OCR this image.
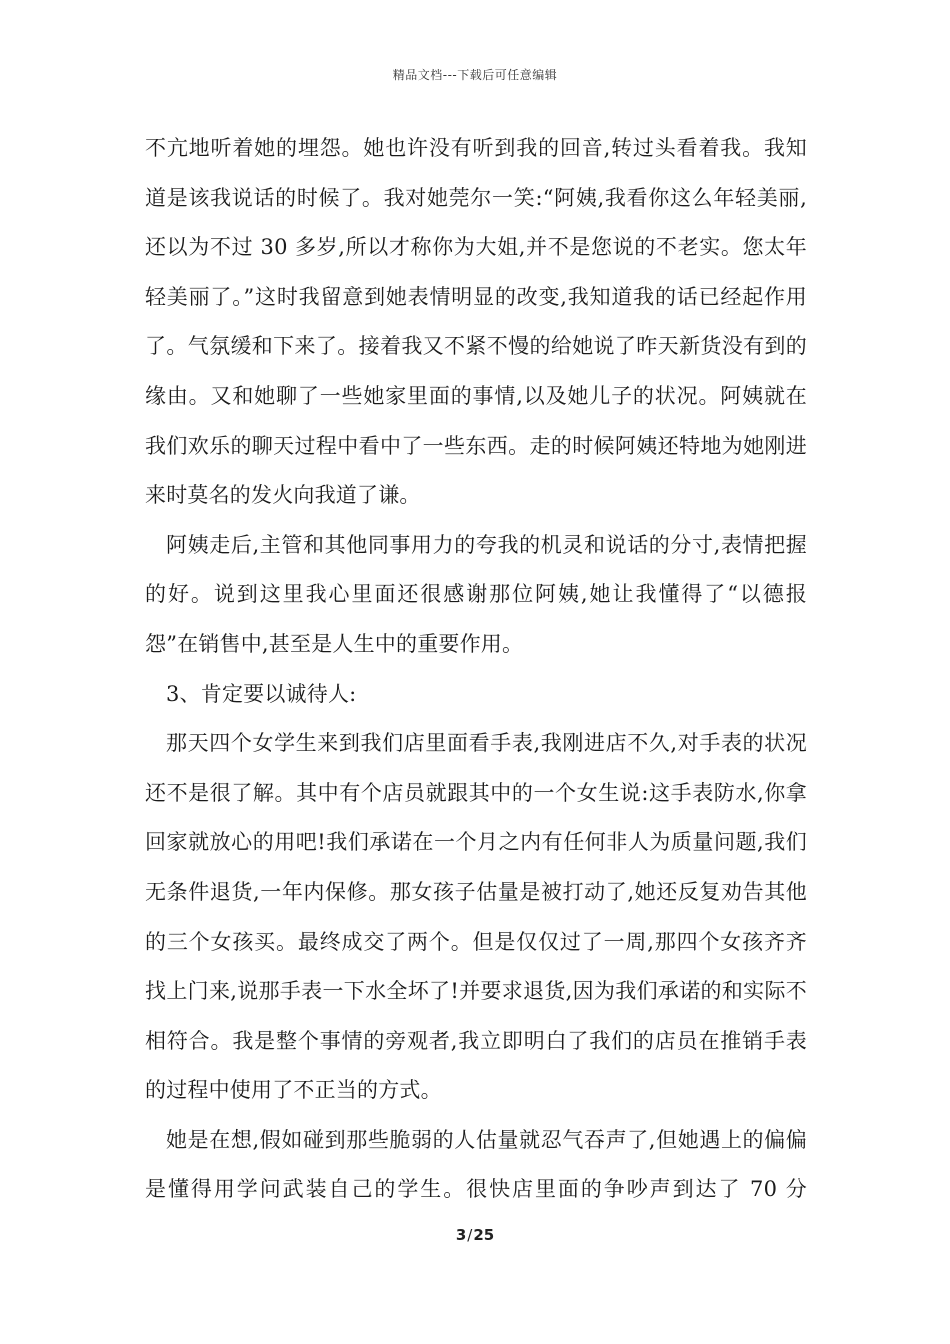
精品文档---下载后可任意编辑

不亢地听着她的埋怨。她也许没有听到我的回音,转过头看着我。我知道是该我说话的时候了。我对她莞尔一笑:“阿姨,我看你这么年轻美丽,还以为不过 30 多岁,所以才称你为大姐,并不是您说的不老实。您太年轻美丽了。”这时我留意到她表情明显的改变,我知道我的话已经起作用了。气氛缓和下来了。接着我又不紧不慢的给她说了昨天新货没有到的缘由。又和她聊了一些她家里面的事情,以及她儿子的状况。阿姨就在我们欢乐的聊天过程中看中了一些东西。走的时候阿姨还特地为她刚进来时莫名的发火向我道了谦。

阿姨走后,主管和其他同事用力的夸我的机灵和说话的分寸,表情把握的好。说到这里我心里面还很感谢那位阿姨,她让我懂得了“以德报怨”在销售中,甚至是人生中的重要作用。

3、肯定要以诚待人:

那天四个女学生来到我们店里面看手表,我刚进店不久,对手表的状况还不是很了解。其中有个店员就跟其中的一个女生说:这手表防水,你拿回家就放心的用吧!我们承诺在一个月之内有任何非人为质量问题,我们无条件退货,一年内保修。那女孩子估量是被打动了,她还反复劝告其他的三个女孩买。最终成交了两个。但是仅仅过了一周,那四个女孩齐齐找上门来,说那手表一下水全坏了!并要求退货,因为我们承诺的和实际不相符合。我是整个事情的旁观者,我立即明白了我们的店员在推销手表的过程中使用了不正当的方式。

她是在想,假如碰到那些脆弱的人估量就忍气吞声了,但她遇上的偏偏是懂得用学问武装自己的学生。很快店里面的争吵声到达了 70 分

3/25
